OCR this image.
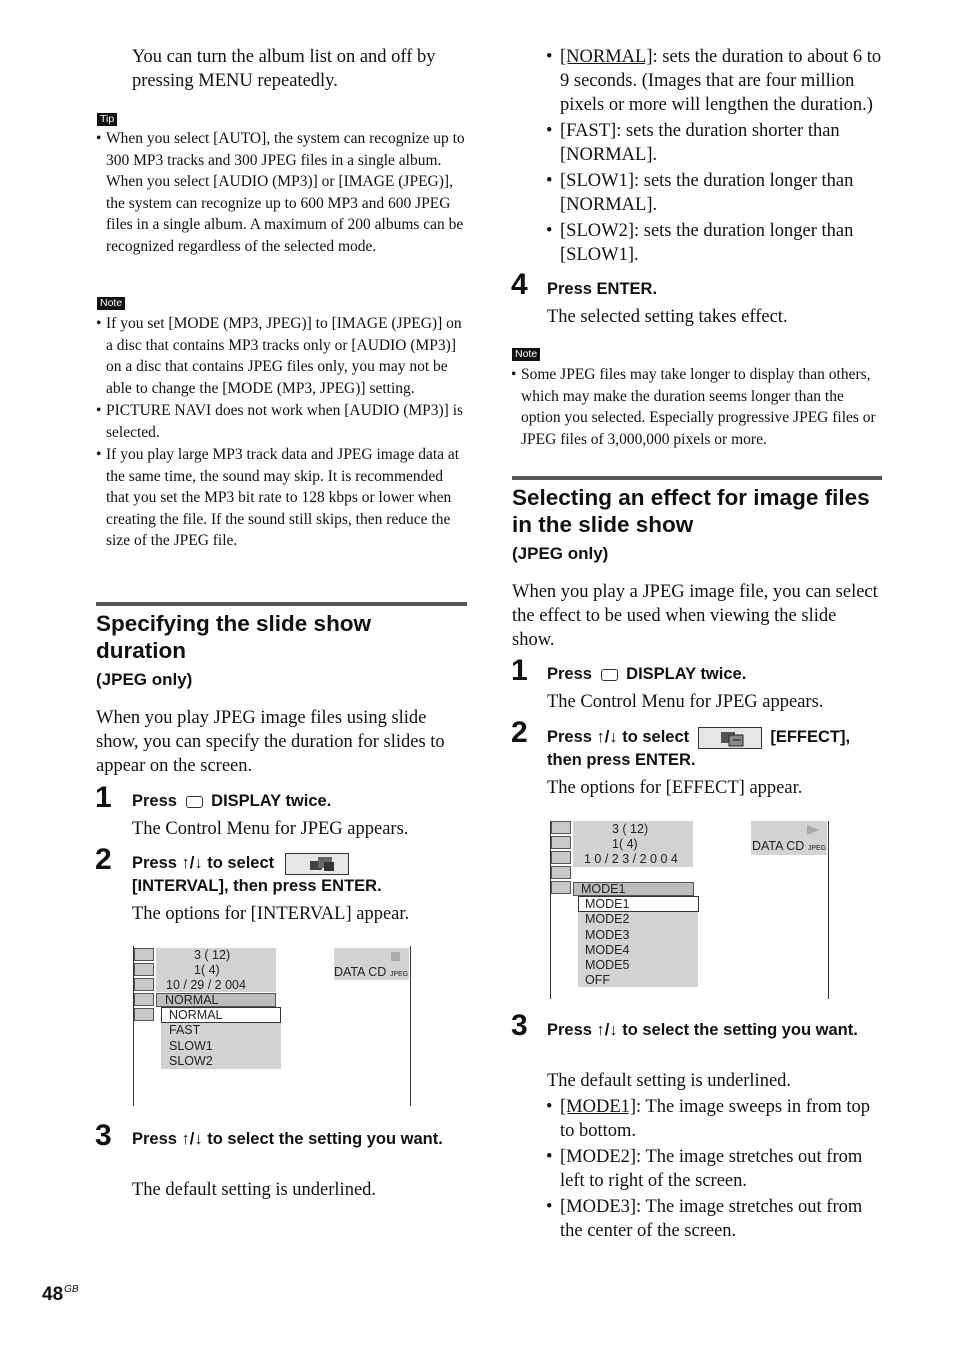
You can turn the album list on and off by pressing MENU repeatedly.
Tip
• When you select [AUTO], the system can recognize up to 300 MP3 tracks and 300 JPEG files in a single album. When you select [AUDIO (MP3)] or [IMAGE (JPEG)], the system can recognize up to 600 MP3 and 600 JPEG files in a single album. A maximum of 200 albums can be recognized regardless of the selected mode.
Note
• If you set [MODE (MP3, JPEG)] to [IMAGE (JPEG)] on a disc that contains MP3 tracks only or [AUDIO (MP3)] on a disc that contains JPEG files only, you may not be able to change the [MODE (MP3, JPEG)] setting.
• PICTURE NAVI does not work when [AUDIO (MP3)] is selected.
• If you play large MP3 track data and JPEG image data at the same time, the sound may skip. It is recommended that you set the MP3 bit rate to 128 kbps or lower when creating the file. If the sound still skips, then reduce the size of the JPEG file.
Specifying the slide show duration
(JPEG only)
When you play JPEG image files using slide show, you can specify the duration for slides to appear on the screen.
1 Press DISPLAY twice.
The Control Menu for JPEG appears.
2 Press ↑/↓ to select

[INTERVAL], then press ENTER.
The options for [INTERVAL] appear.
3 ( 12)
1( 4)
10 / 29 / 2 004
DATA CD JPEG
NORMAL
NORMAL
FAST
SLOW1
SLOW2
3 Press ↑/↓ to select the setting you want.
The default setting is underlined.
• [NORMAL]: sets the duration to about 6 to 9 seconds. (Images that are four million pixels or more will lengthen the duration.)
• [FAST]: sets the duration shorter than [NORMAL].
• [SLOW1]: sets the duration longer than [NORMAL].
• [SLOW2]: sets the duration longer than [SLOW1].
4 Press ENTER.
The selected setting takes effect.
Note
• Some JPEG files may take longer to display than others, which may make the duration seems longer than the option you selected. Especially progressive JPEG files or JPEG files of 3,000,000 pixels or more.
Selecting an effect for image files in the slide show
(JPEG only)
When you play a JPEG image file, you can select the effect to be used when viewing the slide show.
1 Press DISPLAY twice.
The Control Menu for JPEG appears.
2 Press ↑/↓ to select	[EFFECT],
then press ENTER.
The options for [EFFECT] appear.
3 ( 12)
1( 4)
1 0 / 2 3 / 2 0 0 4
DATA CD JPEG
MODE1
MODE1
MODE2
MODE3
MODE4
MODE5
OFF
3 Press ↑/↓ to select the setting you want.
The default setting is underlined.
• [MODE1]: The image sweeps in from top to bottom.
• [MODE2]: The image stretches out from left to right of the screen.
• [MODE3]: The image stretches out from the center of the screen.
$48^{GB}$
